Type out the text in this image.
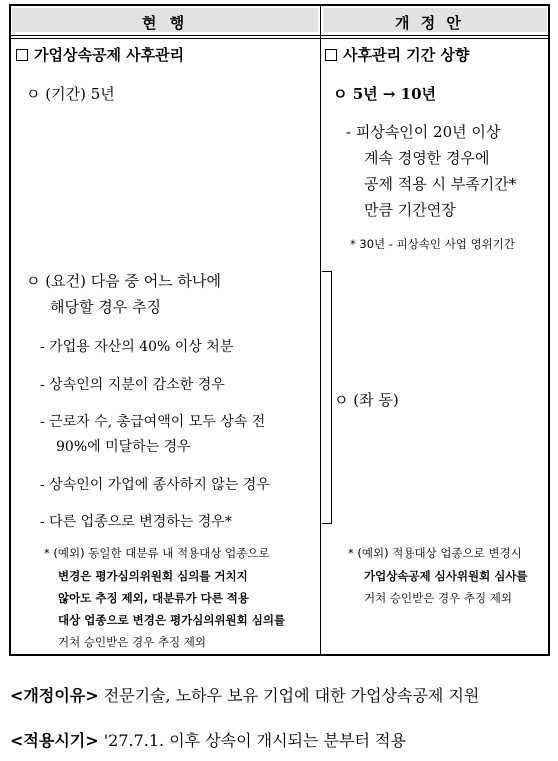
현 행	개 정 안
가업상속공제 사후관리
ㅇ (기간) 5년
ㅇ (요건) 다음 중 어느 하나에
해당할 경우 추징
- 가업용 자산의 40% 이상 처분
- 상속인의 지분이 감소한 경우
- 근로자 수, 총급여액이 모두 상속 전
90%에 미달하는 경우
- 상속인이 가업에 종사하지 않는 경우
- 다른 업종으로 변경하는 경우*
* (예외) 동일한 대분류 내 적용대상 업종으로
변경은 평가심의위원회 심의를 거치지
않아도 추징 제외, 대분류가 다른 적용
대상 업종으로 변경은 평가심의위원회 심의를
거쳐 승인받은 경우 추징 제외
사후관리 기간 상향
ㅇ 5년 → 10년
- 피상속인이 20년 이상
계속 경영한 경우에
공제 적용 시 부족기간*
만큼 기간연장
* 30년 - 피상속인 사업 영위기간
ㅇ (좌 동)
* (예외) 적용대상 업종으로 변경시
가업상속공제 심사위원회 심사를
거쳐 승인받은 경우 추징 제외
<개정이유> 전문기술, 노하우 보유 기업에 대한 가업상속공제 지원
<적용시기> '27.7.1. 이후 상속이 개시되는 분부터 적용
